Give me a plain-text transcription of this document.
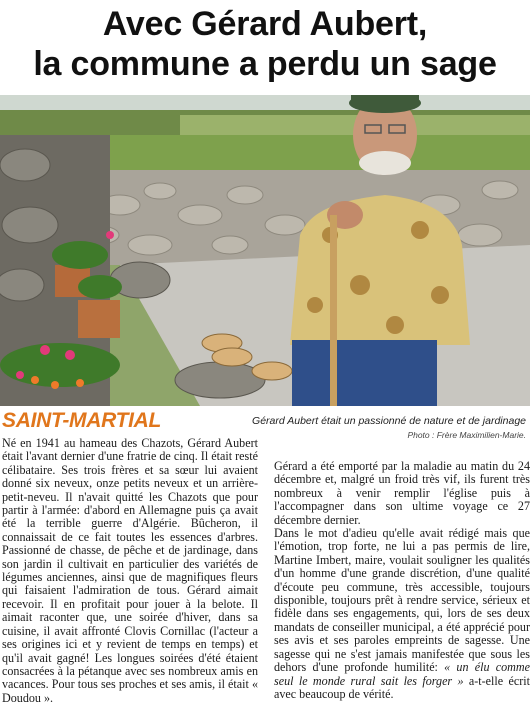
Avec Gérard Aubert,
la commune a perdu un sage
SAINT-MARTIAL	Gérard Aubert était un passionné de nature et de jardinage Photo : Frère Maximilien-Marie.

Né en 1941 au hameau des Chazots, Gérard Aubert était l'avant dernier d'une fratrie de cinq. Il était resté célibataire. Ses trois frères et sa sœur lui avaient donné six neveux, onze petits neveux et un arrière-petit-neveu. Il n'avait quitté les Chazots que pour partir à l'armée: d'abord en Allemagne puis ça avait été la terrible guerre d'Algérie. Bûcheron, il connaissait de ce fait toutes les essences d'arbres. Passionné de chasse, de pêche et de jardinage, dans son jardin il cultivait en particulier des variétés de légumes anciennes, ainsi que de magnifiques fleurs qui faisaient l'admiration de tous. Gérard aimait recevoir. Il en profitait pour jouer à la belote. Il aimait raconter que, une soirée d'hiver, dans sa cuisine, il avait affronté Clovis Cornillac (l'acteur a ses origines ici et y revient de temps en temps) et qu'il avait gagné! Les longues soirées d'été étaient consacrées à la pétanque avec ses nombreux amis en vacances. Pour tous ses proches et ses amis, il était « Doudou ».

Gérard a été emporté par la maladie au matin du 24 décembre et, malgré un froid très vif, ils furent très nombreux à venir remplir l'église puis à l'accompagner dans son ultime voyage ce 27 décembre dernier.

Dans le mot d'adieu qu'elle avait rédigé mais que l'émotion, trop forte, ne lui a pas permis de lire, Martine Imbert, maire, voulait souligner les qualités d'un homme d'une grande discrétion, d'une qualité d'écoute peu commune, très accessible, toujours disponible, toujours prêt à rendre service, sérieux et fidèle dans ses engagements, qui, lors de ses deux mandats de conseiller municipal, a été apprécié pour ses avis et ses paroles empreints de sagesse. Une sagesse qui ne s'est jamais manifestée que sous les dehors d'une profonde humilité: « un élu comme seul le monde rural sait les forger » a-t-elle écrit avec beaucoup de vérité.
